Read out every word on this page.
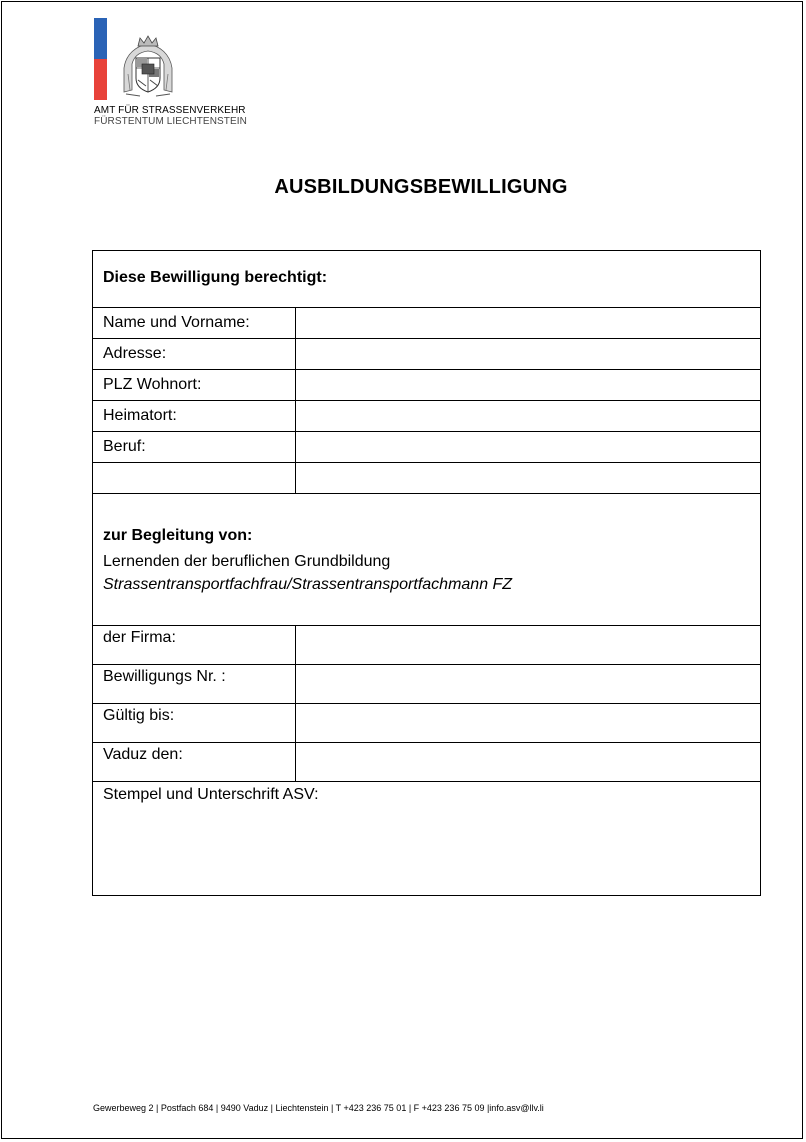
AMT FÜR STRASSENVERKEHR
FÜRSTENTUM LIECHTENSTEIN
AUSBILDUNGSBEWILLIGUNG
Diese Bewilligung berechtigt:
Name und Vorname:
Adresse:
PLZ Wohnort:
Heimatort:
Beruf:
zur Begleitung von:
Lernenden der beruflichen Grundbildung
Strassentransportfachfrau/Strassentransportfachmann FZ
der Firma:
Bewilligungs Nr. :
Gültig bis:
Vaduz den:
Stempel und Unterschrift ASV:
Gewerbeweg 2 | Postfach 684 | 9490 Vaduz | Liechtenstein | T +423 236 75 01 | F +423 236 75 09 |info.asv@llv.li
